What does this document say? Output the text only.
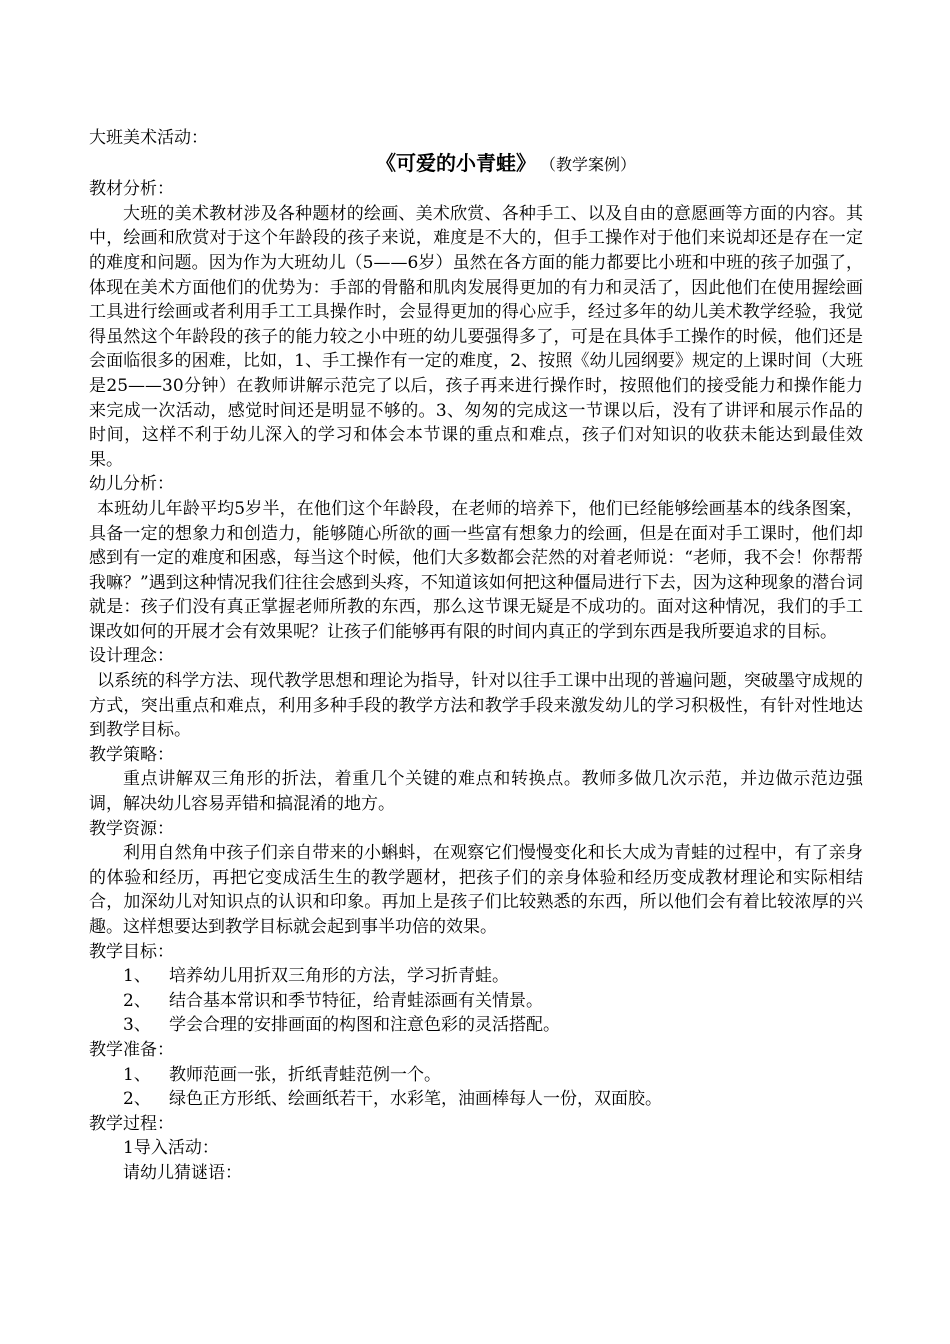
大班美术活动：
《可爱的小青蛙》 （教学案例）
教材分析：

大班的美术教材涉及各种题材的绘画、美术欣赏、各种手工、以及自由的意愿画等方面的内容。其中，绘画和欣赏对于这个年龄段的孩子来说，难度是不大的，但手工操作对于他们来说却还是存在一定的难度和问题。因为作为大班幼儿（5——6岁）虽然在各方面的能力都要比小班和中班的孩子加强了，体现在美术方面他们的优势为：手部的骨骼和肌肉发展得更加的有力和灵活了，因此他们在使用握绘画工具进行绘画或者利用手工工具操作时，会显得更加的得心应手，经过多年的幼儿美术教学经验，我觉得虽然这个年龄段的孩子的能力较之小中班的幼儿要强得多了，可是在具体手工操作的时候，他们还是会面临很多的困难，比如，1、手工操作有一定的难度，2、按照《幼儿园纲要》规定的上课时间（大班是25——30分钟）在教师讲解示范完了以后，孩子再来进行操作时，按照他们的接受能力和操作能力来完成一次活动，感觉时间还是明显不够的。3、匆匆的完成这一节课以后，没有了讲评和展示作品的时间，这样不利于幼儿深入的学习和体会本节课的重点和难点，孩子们对知识的收获未能达到最佳效果。

幼儿分析：

本班幼儿年龄平均5岁半，在他们这个年龄段，在老师的培养下，他们已经能够绘画基本的线条图案，具备一定的想象力和创造力，能够随心所欲的画一些富有想象力的绘画，但是在面对手工课时，他们却感到有一定的难度和困惑，每当这个时候，他们大多数都会茫然的对着老师说：“老师，我不会！你帮帮我嘛？”遇到这种情况我们往往会感到头疼，不知道该如何把这种僵局进行下去，因为这种现象的潜台词就是：孩子们没有真正掌握老师所教的东西，那么这节课无疑是不成功的。面对这种情况，我们的手工课改如何的开展才会有效果呢？让孩子们能够再有限的时间内真正的学到东西是我所要追求的目标。

设计理念：

以系统的科学方法、现代教学思想和理论为指导，针对以往手工课中出现的普遍问题，突破墨守成规的方式，突出重点和难点，利用多种手段的教学方法和教学手段来激发幼儿的学习积极性，有针对性地达到教学目标。

教学策略：

重点讲解双三角形的折法，着重几个关键的难点和转换点。教师多做几次示范，并边做示范边强调，解决幼儿容易弄错和搞混淆的地方。

教学资源：

利用自然角中孩子们亲自带来的小蝌蚪，在观察它们慢慢变化和长大成为青蛙的过程中，有了亲身的体验和经历，再把它变成活生生的教学题材，把孩子们的亲身体验和经历变成教材理论和实际相结合，加深幼儿对知识点的认识和印象。再加上是孩子们比较熟悉的东西，所以他们会有着比较浓厚的兴趣。这样想要达到教学目标就会起到事半功倍的效果。

教学目标：
1、 培养幼儿用折双三角形的方法，学习折青蛙。
2、 结合基本常识和季节特征，给青蛙添画有关情景。
3、 学会合理的安排画面的构图和注意色彩的灵活搭配。
教学准备：
1、 教师范画一张，折纸青蛙范例一个。
2、 绿色正方形纸、绘画纸若干，水彩笔，油画棒每人一份，双面胶。
教学过程：
1导入活动：
请幼儿猜谜语：
